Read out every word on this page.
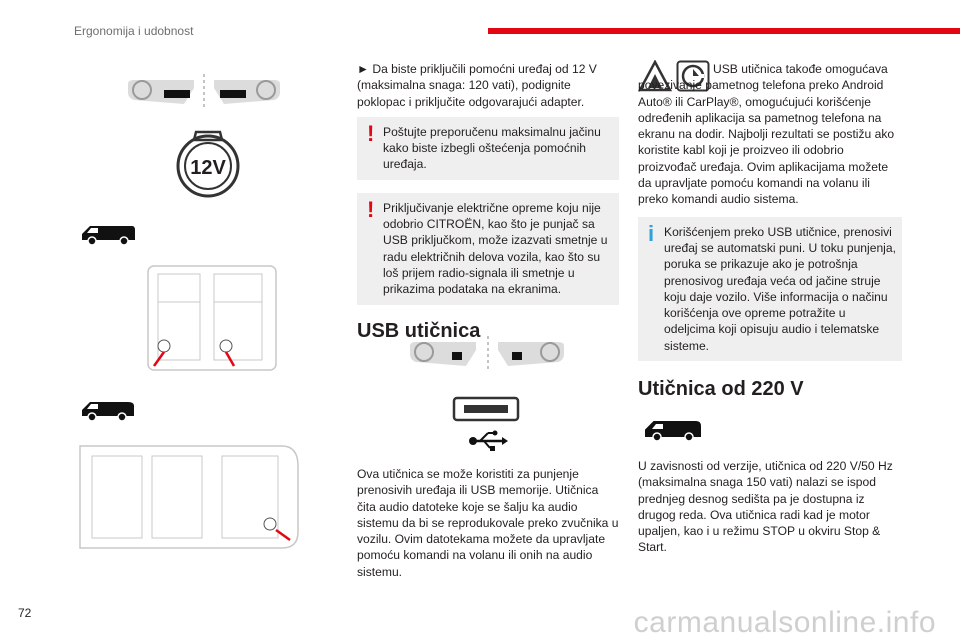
Ergonomija i udobnost
12V

► Da biste priključili pomoćni uređaj od 12 V (maksimalna snaga: 120 vati), podignite poklopac i priključite odgovarajući adapter.

! Poštujte preporučenu maksimalnu jačinu kako biste izbegli oštećenja pomoćnih uređaja.
! Priključivanje električne opreme koju nije odobrio CITROËN, kao što je punjač sa USB priključkom, može izazvati smetnje u radu električnih delova vozila, kao što su loš prijem radio-signala ili smetnje u prikazima podataka na ekranima.
USB utičnica

Ova utičnica se može koristiti za punjenje prenosivih uređaja ili USB memorije. Utičnica čita audio datoteke koje se šalju ka audio sistemu da bi se reprodukovale preko zvučnika u vozilu. Ovim datotekama možete da upravljate pomoću komandi na volanu ili onih na audio sistemu.

USB utičnica takođe omogućava povezivanje pametnog telefona preko Android Auto® ili CarPlay®, omogućujući korišćenje određenih aplikacija sa pametnog telefona na ekranu na dodir. Najbolji rezultati se postižu ako koristite kabl koji je proizveo ili odobrio proizvođač uređaja. Ovim aplikacijama možete da upravljate pomoću komandi na volanu ili preko komandi audio sistema.

i Korišćenjem preko USB utičnice, prenosivi uređaj se automatski puni. U toku punjenja, poruka se prikazuje ako je potrošnja prenosivog uređaja veća od jačine struje koju daje vozilo. Više informacija o načinu korišćenja ove opreme potražite u odeljcima koji opisuju audio i telematske sisteme.
Utičnica od 220 V

U zavisnosti od verzije, utičnica od 220 V/50 Hz (maksimalna snaga 150 vati) nalazi se ispod prednjeg desnog sedišta pa je dostupna iz drugog reda. Ova utičnica radi kad je motor upaljen, kao i u režimu STOP u okviru Stop & Start.

72	carmanualsonline.info
